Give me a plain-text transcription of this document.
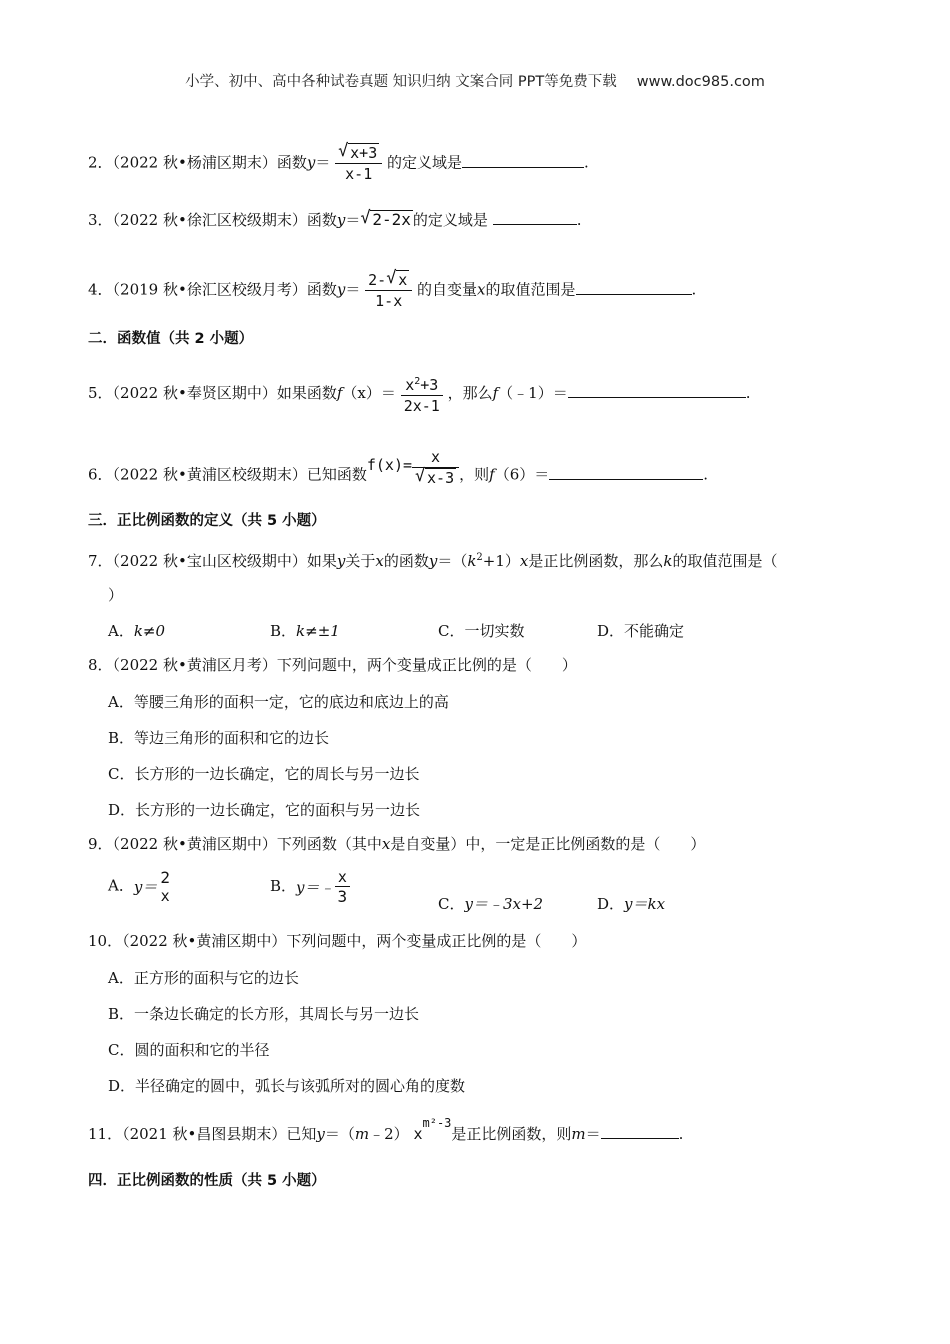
小学、初中、高中各种试卷真题 知识归纳 文案合同 PPT等免费下载 www.doc985.com
2．（2022 秋•杨浦区期末）函数$y= \frac{√ x+3}{x-1}$ 的定义域是	.
3．（2022 秋•徐汇区校级期末）函数y＝ √ 2-2x 的定义域是	.
4．（2019 秋•徐汇区校级月考）函数$y= \frac{2- √ x}{1-x}$ 的自变量x的取值范围是	.
二．函数值（共 2 小题）
5．（2022 秋•奉贤区期中）如果函数$f(x)= \frac{x^2+3}{2x-1}$ ，那么f（﹣1）＝	.
6．（2022 秋•黄浦区校级期末）已知函数$f(x)= \frac{x}{√ x-3}$ ，则f（6）＝	.
三．正比例函数的定义（共 5 小题）
7．（2022 秋•宝山区校级期中）如果y关于x的函数$y=(k^2+1)x$是正比例函数，那么k的取值范围是（
）
A．k≠0	B．k≠±1	C．一切实数	D．不能确定
8．（2022 秋•黄浦区月考）下列问题中，两个变量成正比例的是（　　）
A．等腰三角形的面积一定，它的底边和底边上的高
B．等边三角形的面积和它的边长
C．长方形的一边长确定，它的周长与另一边长
D．长方形的一边长确定，它的面积与另一边长
9．（2022 秋•黄浦区期中）下列函数（其中x是自变量）中，一定是正比例函数的是（　　）
A．y＝ 2
x
B．y＝﹣ $\frac{x}{3}$	C．y＝﹣3x+2	D．y＝kx
10．（2022 秋•黄浦区期中）下列问题中，两个变量成正比例的是（　　）
A．正方形的面积与它的边长
B．一条边长确定的长方形，其周长与另一边长
C．圆的面积和它的半径
D．半径确定的圆中，弧长与该弧所对的圆心角的度数
11．（2021 秋•昌图县期末）已知y＝（m﹣2） $x^{m^2-3}$是正比例函数，则m＝	.
四．正比例函数的性质（共 5 小题）
